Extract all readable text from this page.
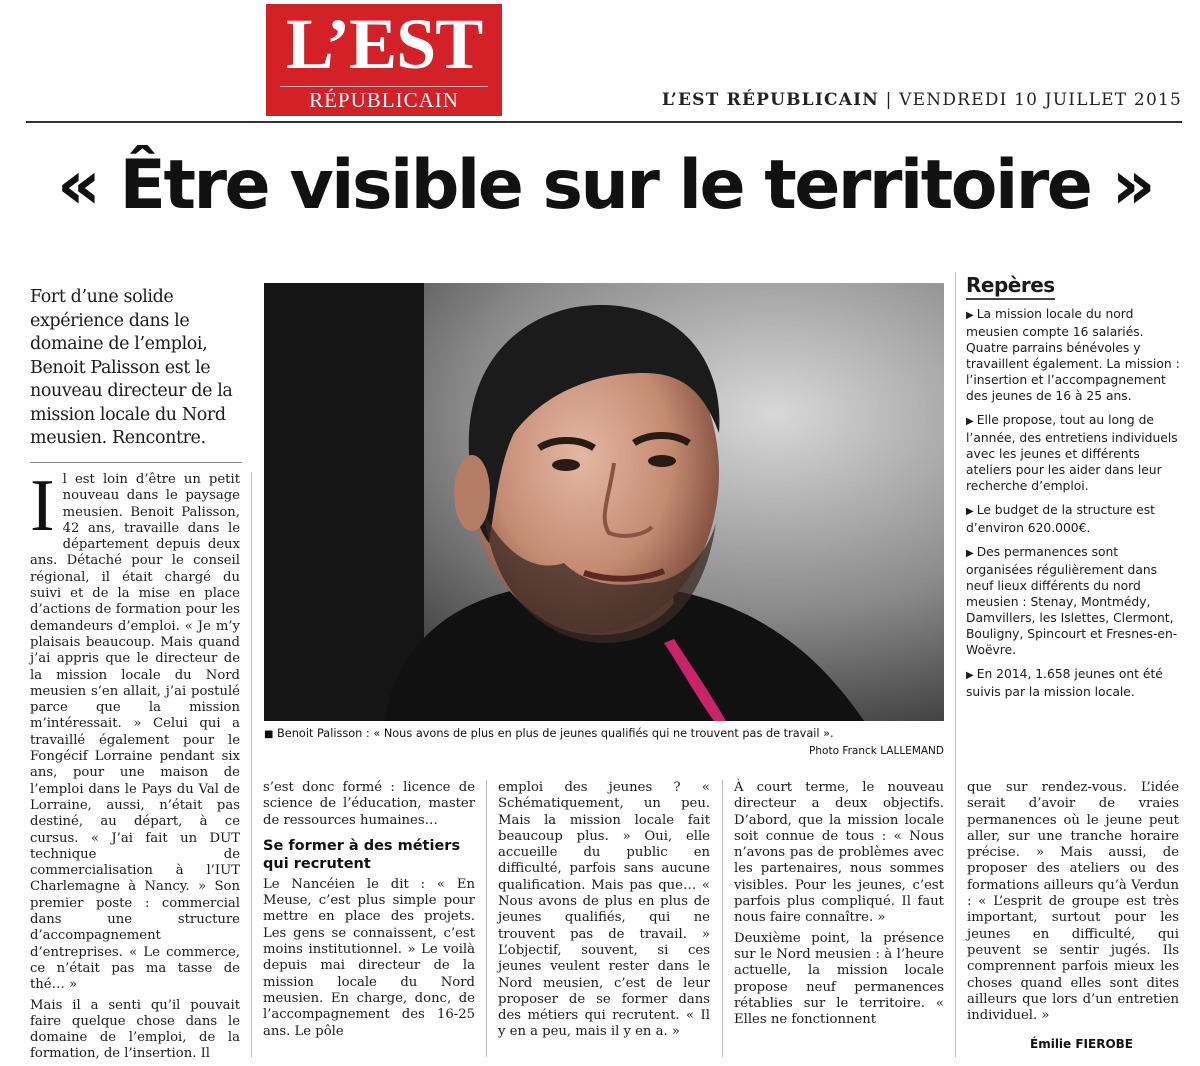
L’EST
RÉPUBLICAIN	L’EST RÉPUBLICAIN | VENDREDI 10 JUILLET 2015
« Être visible sur le territoire »
Fort d’une solide expérience dans le domaine de l’emploi, Benoit Palisson est le nouveau directeur de la mission locale du Nord meusien. Rencontre.

Il est loin d’être un petit nouveau dans le paysage meusien. Benoit Palisson, 42 ans, travaille dans le département depuis deux ans. Détaché pour le conseil régional, il était chargé du suivi et de la mise en place d’actions de formation pour les demandeurs d’emploi. « Je m’y plaisais beaucoup. Mais quand j’ai appris que le directeur de la mission locale du Nord meusien s’en allait, j’ai postulé parce que la mission m’intéressait. » Celui qui a travaillé également pour le Fongécif Lorraine pendant six ans, pour une maison de l’emploi dans le Pays du Val de Lorraine, aussi, n’était pas destiné, au départ, à ce cursus. « J’ai fait un DUT technique de commercialisation à l’IUT Charlemagne à Nancy. » Son premier poste : commercial dans une structure d’accompagnement d’entreprises. « Le commerce, ce n’était pas ma tasse de thé… »

Mais il a senti qu’il pouvait faire quelque chose dans le domaine de l’emploi, de la formation, de l’insertion. Il

■ Benoit Palisson : « Nous avons de plus en plus de jeunes qualifiés qui ne trouvent pas de travail ».
Photo Franck LALLEMAND

s’est donc formé : licence de science de l’éducation, master de ressources humaines…

Se former à des métiers qui recrutent

Le Nancéien le dit : « En Meuse, c’est plus simple pour mettre en place des projets. Les gens se connaissent, c’est moins institutionnel. » Le voilà depuis mai directeur de la mission locale du Nord meusien. En charge, donc, de l’accompagnement des 16-25 ans. Le pôle

emploi des jeunes ? « Schématiquement, un peu. Mais la mission locale fait beaucoup plus. » Oui, elle accueille du public en difficulté, parfois sans aucune qualification. Mais pas que… « Nous avons de plus en plus de jeunes qualifiés, qui ne trouvent pas de travail. » L’objectif, souvent, si ces jeunes veulent rester dans le Nord meusien, c’est de leur proposer de se former dans des métiers qui recrutent. « Il y en a peu, mais il y en a. »

À court terme, le nouveau directeur a deux objectifs. D’abord, que la mission locale soit connue de tous : « Nous n’avons pas de problèmes avec les partenaires, nous sommes visibles. Pour les jeunes, c’est parfois plus compliqué. Il faut nous faire connaître. »

Deuxième point, la présence sur le Nord meusien : à l’heure actuelle, la mission locale propose neuf permanences rétablies sur le territoire. « Elles ne fonctionnent

que sur rendez-vous. L’idée serait d’avoir de vraies permanences où le jeune peut aller, sur une tranche horaire précise. » Mais aussi, de proposer des ateliers ou des formations ailleurs qu’à Verdun : « L’esprit de groupe est très important, surtout pour les jeunes en difficulté, qui peuvent se sentir jugés. Ils comprennent parfois mieux les choses quand elles sont dites ailleurs que lors d’un entretien individuel. »

Émilie FIEROBE
Repères
▶ La mission locale du nord meusien compte 16 salariés. Quatre parrains bénévoles y travaillent également. La mission : l’insertion et l’accompagnement des jeunes de 16 à 25 ans.
▶ Elle propose, tout au long de l’année, des entretiens individuels avec les jeunes et différents ateliers pour les aider dans leur recherche d’emploi.
▶ Le budget de la structure est d’environ 620.000€.
▶ Des permanences sont organisées régulièrement dans neuf lieux différents du nord meusien : Stenay, Montmédy, Damvillers, les Islettes, Clermont, Bouligny, Spincourt et Fresnes-en-Woëvre.
▶ En 2014, 1.658 jeunes ont été suivis par la mission locale.
